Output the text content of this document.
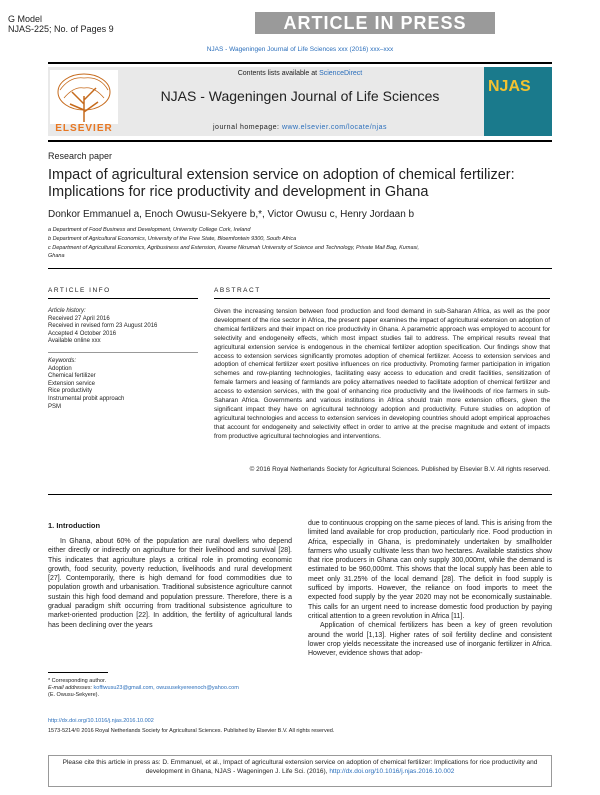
G Model
NJAS-225; No. of Pages 9	ARTICLE IN PRESS
NJAS - Wageningen Journal of Life Sciences xxx (2016) xxx–xxx
ELSEVIER
Contents lists available at ScienceDirect
NJAS - Wageningen Journal of Life Sciences
journal homepage: www.elsevier.com/locate/njas
NJAS
Research paper
Impact of agricultural extension service on adoption of chemical fertilizer: Implications for rice productivity and development in Ghana
Donkor Emmanuel a, Enoch Owusu-Sekyere b,*, Victor Owusu c, Henry Jordaan b
a Department of Food Business and Development, University College Cork, Ireland
b Department of Agricultural Economics, University of the Free State, Bloemfontein 9300, South Africa
c Department of Agricultural Economics, Agribusiness and Extension, Kwame Nkrumah University of Science and Technology, Private Mail Bag, Kumasi,
Ghana
ARTICLE INFO
Article history:
Received 27 April 2016
Received in revised form 23 August 2016
Accepted 4 October 2016
Available online xxx
Keywords:
Adoption
Chemical fertilizer
Extension service
Rice productivity
Instrumental probit approach
PSM
ABSTRACT
Given the increasing tension between food production and food demand in sub-Saharan Africa, as well as the poor development of the rice sector in Africa, the present paper examines the impact of agricultural extension on adoption of chemical fertilizers and their impact on rice productivity in Ghana. A parametric approach was employed to account for selectivity and endogeneity effects, which most impact studies fail to address. The empirical results reveal that agricultural extension service is endogenous in the chemical fertilizer adoption specification. Our findings show that access to extension services significantly promotes adoption of chemical fertilizer. Access to extension services and adoption of chemical fertilizer exert positive influences on rice productivity. Promoting farmer participation in irrigation schemes and row-planting technologies, facilitating easy access to education and credit facilities, sensitization of female farmers and leasing of farmlands are policy alternatives needed to facilitate adoption of chemical fertilizer and access to extension services, with the goal of enhancing rice productivity and the livelihoods of rice farmers in sub-Saharan Africa. Governments and various institutions in Africa should train more extension officers, given the significant impact they have on agricultural technology adoption and productivity. Future studies on adoption of agricultural technologies and access to extension services in developing countries should adopt empirical approaches that account for endogeneity and selectivity effect in order to arrive at the precise magnitude and extent of impacts from productive agricultural technologies and interventions.
© 2016 Royal Netherlands Society for Agricultural Sciences. Published by Elsevier B.V. All rights reserved.
1. Introduction

In Ghana, about 60% of the population are rural dwellers who depend either directly or indirectly on agriculture for their livelihood and survival [28]. This indicates that agriculture plays a critical role in promoting economic growth, food security, poverty reduction, livelihoods and rural development [27]. Contemporarily, there is high demand for food commodities due to population growth and urbanisation. Traditional subsistence agriculture cannot sustain this high food demand and population pressure. Therefore, there is a gradual paradigm shift occurring from traditional subsistence agriculture to market-oriented production [22]. In addition, the fertility of agricultural lands has been declining over the years

due to continuous cropping on the same pieces of land. This is arising from the limited land available for crop production, particularly rice. Food production in Africa, especially in Ghana, is predominately undertaken by smallholder farmers who usually cultivate less than two hectares. Available statistics show that rice producers in Ghana can only supply 300,000mt, while the demand is estimated to be 960,000mt. This shows that the local supply has been able to meet only 31.25% of the local demand [28]. The deficit in food supply is sufficed by imports. However, the reliance on food imports to meet the expected food supply by the year 2020 may not be economically sustainable. This calls for an urgent need to increase domestic food production by paying critical attention to a green revolution in Africa [11].

Application of chemical fertilizers has been a key of green revolution around the world [1,13]. Higher rates of soil fertility decline and consistent lower crop yields necessitate the increased use of inorganic fertilizer in Africa. However, evidence shows that adop-

* Corresponding author.
E-mail addresses: koffiwusu23@gmail.com, owususekyereenoch@yahoo.com
(E. Owusu-Sekyere).
http://dx.doi.org/10.1016/j.njas.2016.10.002
1573-5214/© 2016 Royal Netherlands Society for Agricultural Sciences. Published by Elsevier B.V. All rights reserved.
Please cite this article in press as: D. Emmanuel, et al., Impact of agricultural extension service on adoption of chemical fertilizer: Implications for rice productivity and development in Ghana, NJAS - Wageningen J. Life Sci. (2016), http://dx.doi.org/10.1016/j.njas.2016.10.002
